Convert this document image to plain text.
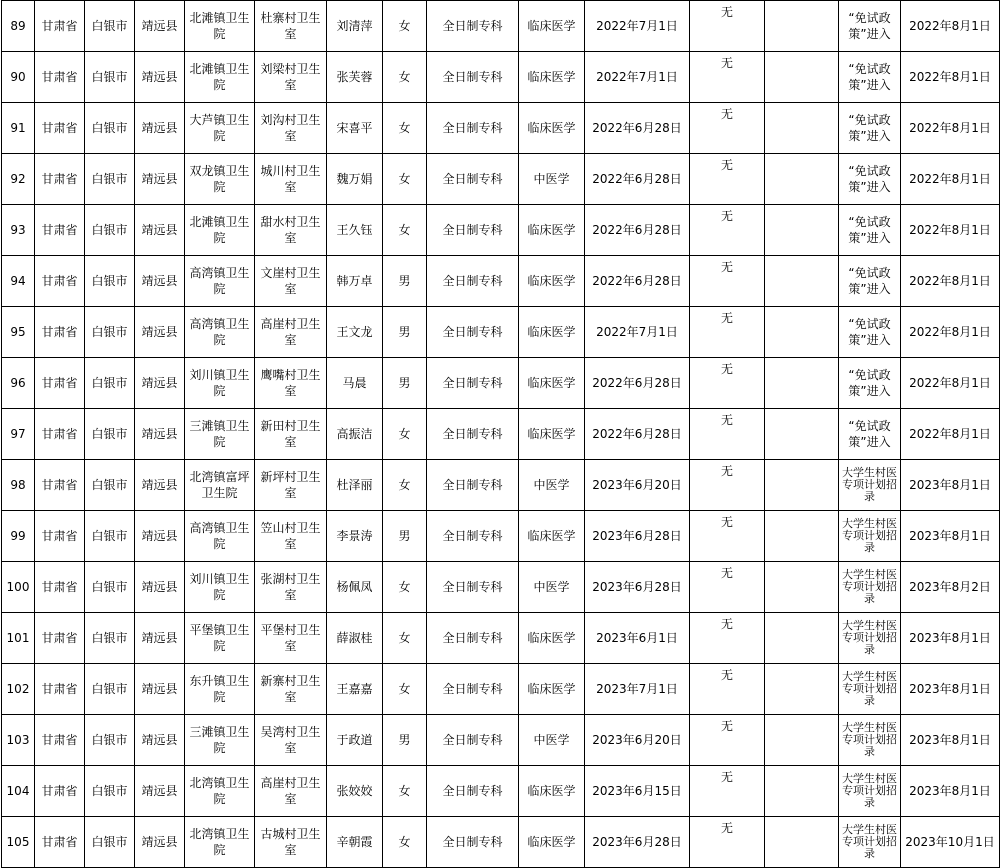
89	甘肃省	白银市	靖远县	北滩镇卫生院	杜寨村卫生室	刘清萍	女	全日制专科	临床医学	2022年7月1日	无		“免试政策”进入	2022年8月1日
90	甘肃省	白银市	靖远县	北滩镇卫生院	刘梁村卫生室	张芙蓉	女	全日制专科	临床医学	2022年7月1日	无		“免试政策”进入	2022年8月1日
91	甘肃省	白银市	靖远县	大芦镇卫生院	刘沟村卫生室	宋喜平	女	全日制专科	临床医学	2022年6月28日	无		“免试政策”进入	2022年8月1日
92	甘肃省	白银市	靖远县	双龙镇卫生院	城川村卫生室	魏万娟	女	全日制专科	中医学	2022年6月28日	无		“免试政策”进入	2022年8月1日
93	甘肃省	白银市	靖远县	北滩镇卫生院	甜水村卫生室	王久钰	女	全日制专科	临床医学	2022年6月28日	无		“免试政策”进入	2022年8月1日
94	甘肃省	白银市	靖远县	高湾镇卫生院	文崖村卫生室	韩万卓	男	全日制专科	临床医学	2022年6月28日	无		“免试政策”进入	2022年8月1日
95	甘肃省	白银市	靖远县	高湾镇卫生院	高崖村卫生室	王文龙	男	全日制专科	临床医学	2022年7月1日	无		“免试政策”进入	2022年8月1日
96	甘肃省	白银市	靖远县	刘川镇卫生院	鹰嘴村卫生室	马晨	男	全日制专科	临床医学	2022年6月28日	无		“免试政策”进入	2022年8月1日
97	甘肃省	白银市	靖远县	三滩镇卫生院	新田村卫生室	高振洁	女	全日制专科	临床医学	2022年6月28日	无		“免试政策”进入	2022年8月1日
98	甘肃省	白银市	靖远县	北湾镇富坪卫生院	新坪村卫生室	杜泽丽	女	全日制专科	中医学	2023年6月20日	无		大学生村医专项计划招录	2023年8月1日
99	甘肃省	白银市	靖远县	高湾镇卫生院	笠山村卫生室	李景涛	男	全日制专科	临床医学	2023年6月28日	无		大学生村医专项计划招录	2023年8月1日
100	甘肃省	白银市	靖远县	刘川镇卫生院	张湖村卫生室	杨佩凤	女	全日制专科	中医学	2023年6月28日	无		大学生村医专项计划招录	2023年8月2日
101	甘肃省	白银市	靖远县	平堡镇卫生院	平堡村卫生室	薛淑桂	女	全日制专科	临床医学	2023年6月1日	无		大学生村医专项计划招录	2023年8月1日
102	甘肃省	白银市	靖远县	东升镇卫生院	新寨村卫生室	王嘉嘉	女	全日制专科	临床医学	2023年7月1日	无		大学生村医专项计划招录	2023年8月1日
103	甘肃省	白银市	靖远县	三滩镇卫生院	吴湾村卫生室	于政道	男	全日制专科	中医学	2023年6月20日	无		大学生村医专项计划招录	2023年8月1日
104	甘肃省	白银市	靖远县	北湾镇卫生院	高崖村卫生室	张姣姣	女	全日制专科	临床医学	2023年6月15日	无		大学生村医专项计划招录	2023年8月1日
105	甘肃省	白银市	靖远县	北湾镇卫生院	古城村卫生室	辛朝霞	女	全日制专科	临床医学	2023年6月28日	无		大学生村医专项计划招录	2023年10月1日
